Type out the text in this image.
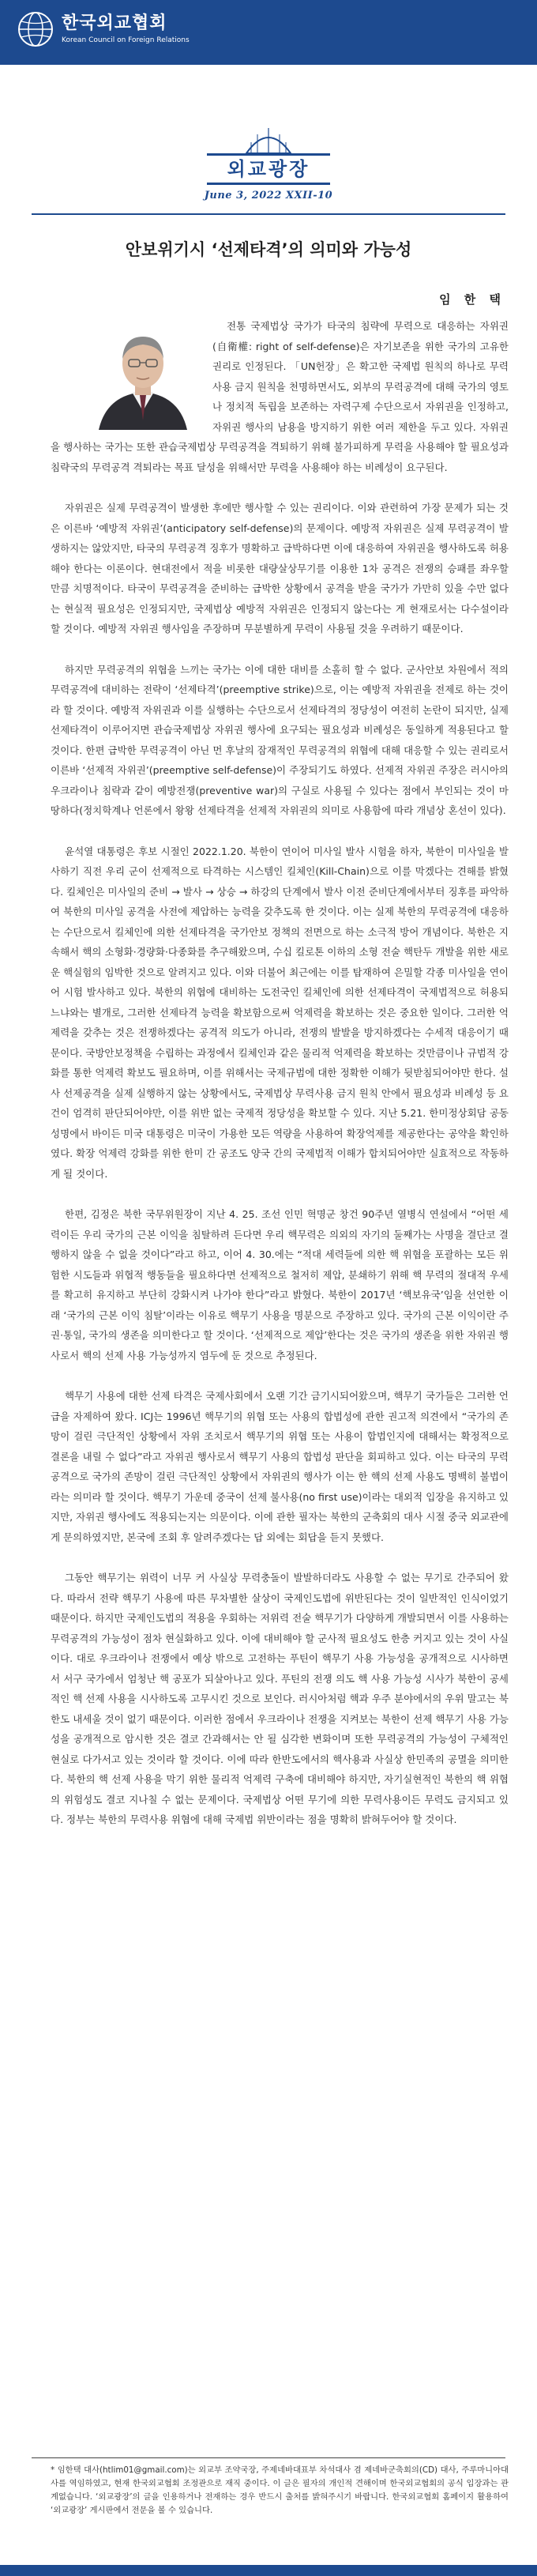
한국외교협회
Korean Council on Foreign Relations
외교광장
June 3, 2022 XXII-10
안보위기시 ‘선제타격’의 의미와 가능성
임 한 택

전통 국제법상 국가가 타국의 침략에 무력으로 대응하는 자위권(自衛權: right of self-defense)은 자기보존을 위한 국가의 고유한 권리로 인정된다. 「UN헌장」은 확고한 국제법 원칙의 하나로 무력사용 금지 원칙을 천명하면서도, 외부의 무력공격에 대해 국가의 영토나 정치적 독립을 보존하는 자력구제 수단으로서 자위권을 인정하고, 자위권 행사의 남용을 방지하기 위한 여러 제한을 두고 있다. 자위권을 행사하는 국가는 또한 관습국제법상 무력공격을 격퇴하기 위해 불가피하게 무력을 사용해야 할 필요성과 침략국의 무력공격 격퇴라는 목표 달성을 위해서만 무력을 사용해야 하는 비례성이 요구된다.

자위권은 실제 무력공격이 발생한 후에만 행사할 수 있는 권리이다. 이와 관련하여 가장 문제가 되는 것은 이른바 ‘예방적 자위권’(anticipatory self-defense)의 문제이다. 예방적 자위권은 실제 무력공격이 발생하지는 않았지만, 타국의 무력공격 징후가 명확하고 급박하다면 이에 대응하여 자위권을 행사하도록 허용해야 한다는 이론이다. 현대전에서 적을 비롯한 대량살상무기를 이용한 1차 공격은 전쟁의 승패를 좌우할 만큼 치명적이다. 타국이 무력공격을 준비하는 급박한 상황에서 공격을 받을 국가가 가만히 있을 수만 없다는 현실적 필요성은 인정되지만, 국제법상 예방적 자위권은 인정되지 않는다는 게 현재로서는 다수설이라 할 것이다. 예방적 자위권 행사임을 주장하며 무분별하게 무력이 사용될 것을 우려하기 때문이다.

하지만 무력공격의 위협을 느끼는 국가는 이에 대한 대비를 소홀히 할 수 없다. 군사안보 차원에서 적의 무력공격에 대비하는 전략이 ‘선제타격’(preemptive strike)으로, 이는 예방적 자위권을 전제로 하는 것이라 할 것이다. 예방적 자위권과 이를 실행하는 수단으로서 선제타격의 정당성이 여전히 논란이 되지만, 실제 선제타격이 이루어지면 관습국제법상 자위권 행사에 요구되는 필요성과 비례성은 동일하게 적용된다고 할 것이다. 한편 급박한 무력공격이 아닌 먼 후날의 잠재적인 무력공격의 위협에 대해 대응할 수 있는 권리로서 이른바 ‘선제적 자위권’(preemptive self-defense)이 주장되기도 하였다. 선제적 자위권 주장은 러시아의 우크라이나 침략과 같이 예방전쟁(preventive war)의 구실로 사용될 수 있다는 점에서 부인되는 것이 마땅하다(정치학계나 언론에서 왕왕 선제타격을 선제적 자위권의 의미로 사용함에 따라 개념상 혼선이 있다).

윤석열 대통령은 후보 시절인 2022.1.20. 북한이 연이어 미사일 발사 시험을 하자, 북한이 미사일을 발사하기 직전 우리 군이 선제적으로 타격하는 시스템인 킬체인(Kill-Chain)으로 이를 막겠다는 견해를 밝혔다. 킬체인은 미사일의 준비 → 발사 → 상승 → 하강의 단계에서 발사 이전 준비단계에서부터 징후를 파악하여 북한의 미사일 공격을 사전에 제압하는 능력을 갖추도록 한 것이다. 이는 실제 북한의 무력공격에 대응하는 수단으로서 킬체인에 의한 선제타격을 국가안보 정책의 전면으로 하는 소극적 방어 개념이다. 북한은 지속해서 핵의 소형화·경량화·다종화를 추구해왔으며, 수십 킬로톤 이하의 소형 전술 핵탄두 개발을 위한 새로운 핵실험의 임박한 것으로 알려지고 있다. 이와 더불어 최근에는 이를 탑재하여 은밀할 각종 미사일을 연이어 시험 발사하고 있다. 북한의 위협에 대비하는 도전국인 킬체인에 의한 선제타격이 국제법적으로 허용되느냐와는 별개로, 그러한 선제타격 능력을 확보함으로써 억제력을 확보하는 것은 중요한 일이다. 그러한 억제력을 갖추는 것은 전쟁하겠다는 공격적 의도가 아니라, 전쟁의 발발을 방지하겠다는 수세적 대응이기 때문이다. 국방안보정책을 수립하는 과정에서 킬체인과 같은 물리적 억제력을 확보하는 것만큼이나 규범적 강화를 통한 억제력 확보도 필요하며, 이를 위해서는 국제규범에 대한 정확한 이해가 뒷받침되어야만 한다. 설사 선제공격을 실제 실행하지 않는 상황에서도, 국제법상 무력사용 금지 원칙 안에서 필요성과 비례성 등 요건이 엄격히 판단되어야만, 이를 위반 없는 국제적 정당성을 확보할 수 있다. 지난 5.21. 한미정상회담 공동성명에서 바이든 미국 대통령은 미국이 가용한 모든 역량을 사용하여 확장억제를 제공한다는 공약을 확인하였다. 확장 억제력 강화를 위한 한미 간 공조도 양국 간의 국제법적 이해가 합치되어야만 실효적으로 작동하게 될 것이다.

한편, 김정은 북한 국무위원장이 지난 4. 25. 조선 인민 혁명군 창건 90주년 열병식 연설에서 “어떤 세력이든 우리 국가의 근본 이익을 침탈하려 든다면 우리 핵무력은 의외의 자기의 둘째가는 사명을 결단코 결행하지 않을 수 없을 것이다”라고 하고, 이어 4. 30.에는 “적대 세력들에 의한 핵 위협을 포괄하는 모든 위험한 시도들과 위협적 행동들을 필요하다면 선제적으로 철저히 제압, 분쇄하기 위해 핵 무력의 절대적 우세를 확고히 유지하고 부단히 강화시켜 나가야 한다”라고 밝혔다. 북한이 2017년 ‘핵보유국’임을 선언한 이래 ‘국가의 근본 이익 침탈’이라는 이유로 핵무기 사용을 명분으로 주장하고 있다. 국가의 근본 이익이란 주권·통일, 국가의 생존을 의미한다고 할 것이다. ‘선제적으로 제압’한다는 것은 국가의 생존을 위한 자위권 행사로서 핵의 선제 사용 가능성까지 염두에 둔 것으로 추정된다.

핵무기 사용에 대한 선제 타격은 국제사회에서 오랜 기간 금기시되어왔으며, 핵무기 국가들은 그러한 언급을 자제하여 왔다. ICJ는 1996년 핵무기의 위협 또는 사용의 합법성에 관한 권고적 의견에서 “국가의 존망이 걸린 극단적인 상황에서 자위 조치로서 핵무기의 위협 또는 사용이 합법인지에 대해서는 확정적으로 결론을 내릴 수 없다”라고 자위권 행사로서 핵무기 사용의 합법성 판단을 회피하고 있다. 이는 타국의 무력공격으로 국가의 존망이 걸린 극단적인 상황에서 자위권의 행사가 이는 한 핵의 선제 사용도 명백히 불법이라는 의미라 할 것이다. 핵무기 가운데 중국이 선제 불사용(no first use)이라는 대외적 입장을 유지하고 있지만, 자위권 행사에도 적용되는지는 의문이다. 이에 관한 필자는 북한의 군축회의 대사 시절 중국 외교관에게 문의하였지만, 본국에 조회 후 알려주겠다는 답 외에는 회답을 듣지 못했다.

그동안 핵무기는 위력이 너무 커 사실상 무력충돌이 발발하더라도 사용할 수 없는 무기로 간주되어 왔다. 따라서 전략 핵무기 사용에 따른 무차별한 살상이 국제인도법에 위반된다는 것이 일반적인 인식이었기 때문이다. 하지만 국제인도법의 적용을 우회하는 저위력 전술 핵무기가 다양하게 개발되면서 이를 사용하는 무력공격의 가능성이 점차 현실화하고 있다. 이에 대비해야 할 군사적 필요성도 한층 커지고 있는 것이 사실이다. 대로 우크라이나 전쟁에서 예상 밖으로 고전하는 푸틴이 핵무기 사용 가능성을 공개적으로 시사하면서 서구 국가에서 엄청난 핵 공포가 되살아나고 있다. 푸틴의 전쟁 의도 핵 사용 가능성 시사가 북한이 공세적인 핵 선제 사용을 시사하도록 고무시킨 것으로 보인다. 러시아처럼 핵과 우주 분야에서의 우위 말고는 북한도 내세울 것이 없기 때문이다. 이러한 점에서 우크라이나 전쟁을 지켜보는 북한이 선제 핵무기 사용 가능성을 공개적으로 암시한 것은 결코 간과해서는 안 될 심각한 변화이며 또한 무력공격의 가능성이 구체적인 현실로 다가서고 있는 것이라 할 것이다. 이에 따라 한반도에서의 핵사용과 사실상 한민족의 공멸을 의미한다. 북한의 핵 선제 사용을 막기 위한 물리적 억제력 구축에 대비해야 하지만, 자기실현적인 북한의 핵 위협의 위험성도 결코 지나칠 수 없는 문제이다. 국제법상 어떤 무기에 의한 무력사용이든 무력도 금지되고 있다. 정부는 북한의 무력사용 위협에 대해 국제법 위반이라는 점을 명확히 밝혀두어야 할 것이다.

* 임한택 대사(htlim01@gmail.com)는 외교부 조약국장, 주제네바대표부 차석대사 겸 제네바군축회의(CD) 대사, 주루마니아대사를 역임하였고, 현재 한국외교협회 조정관으로 재직 중이다. 이 글은 필자의 개인적 견해이며 한국외교협회의 공식 입장과는 관계없습니다. ‘외교광장’의 글을 인용하거나 전재하는 경우 반드시 출처를 밝혀주시기 바랍니다. 한국외교협회 홈페이지 활용하여 ‘외교광장’ 게시판에서 전문을 볼 수 있습니다.
